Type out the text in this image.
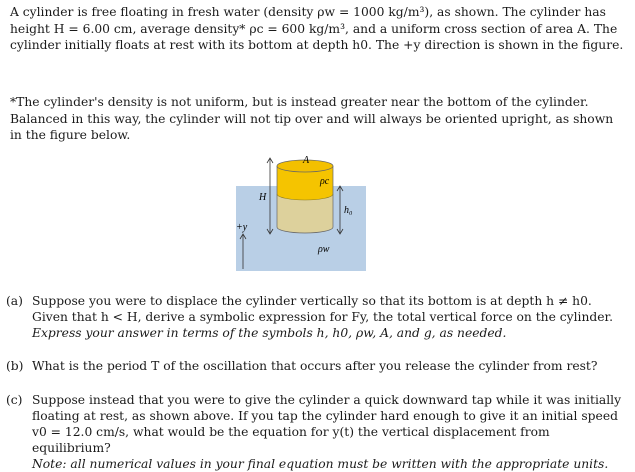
A cylinder is free floating in fresh water (density ρw = 1000 kg/m³), as shown. The cylinder has height H = 6.00 cm, average density* ρc = 600 kg/m³, and a uniform cross section of area A. The cylinder initially floats at rest with its bottom at depth h0. The +y direction is shown in the figure.

*The cylinder's density is not uniform, but is instead greater near the bottom of the cylinder. Balanced in this way, the cylinder will not tip over and will always be oriented upright, as shown in the figure below.

A
ρc
H
h₀
+y
ρw
(a) Suppose you were to displace the cylinder vertically so that its bottom is at depth h ≠ h0. Given that h < H, derive a symbolic expression for Fy, the total vertical force on the cylinder.
Express your answer in terms of the symbols h, h0, ρw, A, and g, as needed.
(b) What is the period T of the oscillation that occurs after you release the cylinder from rest?
(c) Suppose instead that you were to give the cylinder a quick downward tap while it was initially floating at rest, as shown above. If you tap the cylinder hard enough to give it an initial speed v0 = 12.0 cm/s, what would be the equation for y(t) the vertical displacement from equilibrium?
Note: all numerical values in your final equation must be written with the appropriate units.
